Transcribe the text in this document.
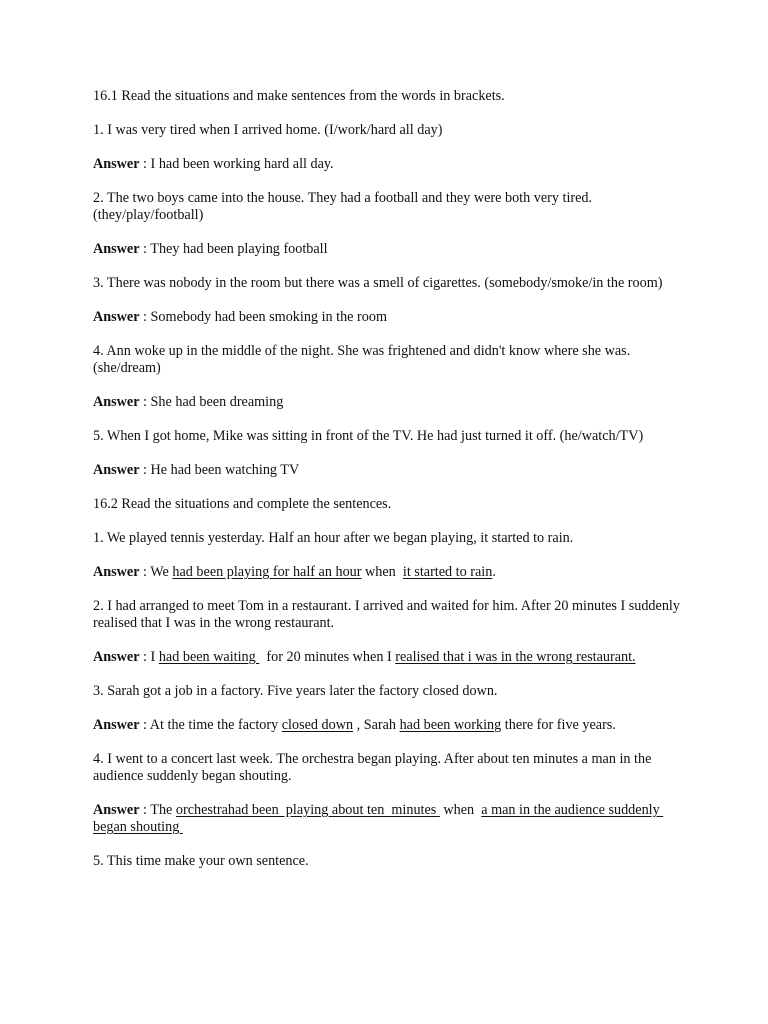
16.1 Read the situations and make sentences from the words in brackets.

1. I was very tired when I arrived home. (I/work/hard all day)

Answer : I had been working hard all day.

2. The two boys came into the house. They had a football and they were both very tired. (they/play/football)

Answer : They had been playing football

3. There was nobody in the room but there was a smell of cigarettes. (somebody/smoke/in the room)

Answer : Somebody had been smoking in the room

4. Ann woke up in the middle of the night. She was frightened and didn't know where she was. (she/dream)

Answer : She had been dreaming

5. When I got home, Mike was sitting in front of the TV. He had just turned it off. (he/watch/TV)

Answer : He had been watching TV

16.2 Read the situations and complete the sentences.

1. We played tennis yesterday. Half an hour after we began playing, it started to rain.

Answer : We had been playing for half an hour when  it started to rain.

2. I had arranged to meet Tom in a restaurant. I arrived and waited for him. After 20 minutes I suddenly realised that I was in the wrong restaurant.

Answer : I had been waiting   for 20 minutes when I realised that i was in the wrong restaurant.

3. Sarah got a job in a factory. Five years later the factory closed down.

Answer : At the time the factory closed down , Sarah had been working there for five years.

4. I went to a concert last week. The orchestra began playing. After about ten minutes a man in the audience suddenly began shouting.

Answer : The orchestrahad been  playing about ten  minutes  when  a man in the audience suddenly began shouting

5. This time make your own sentence.
